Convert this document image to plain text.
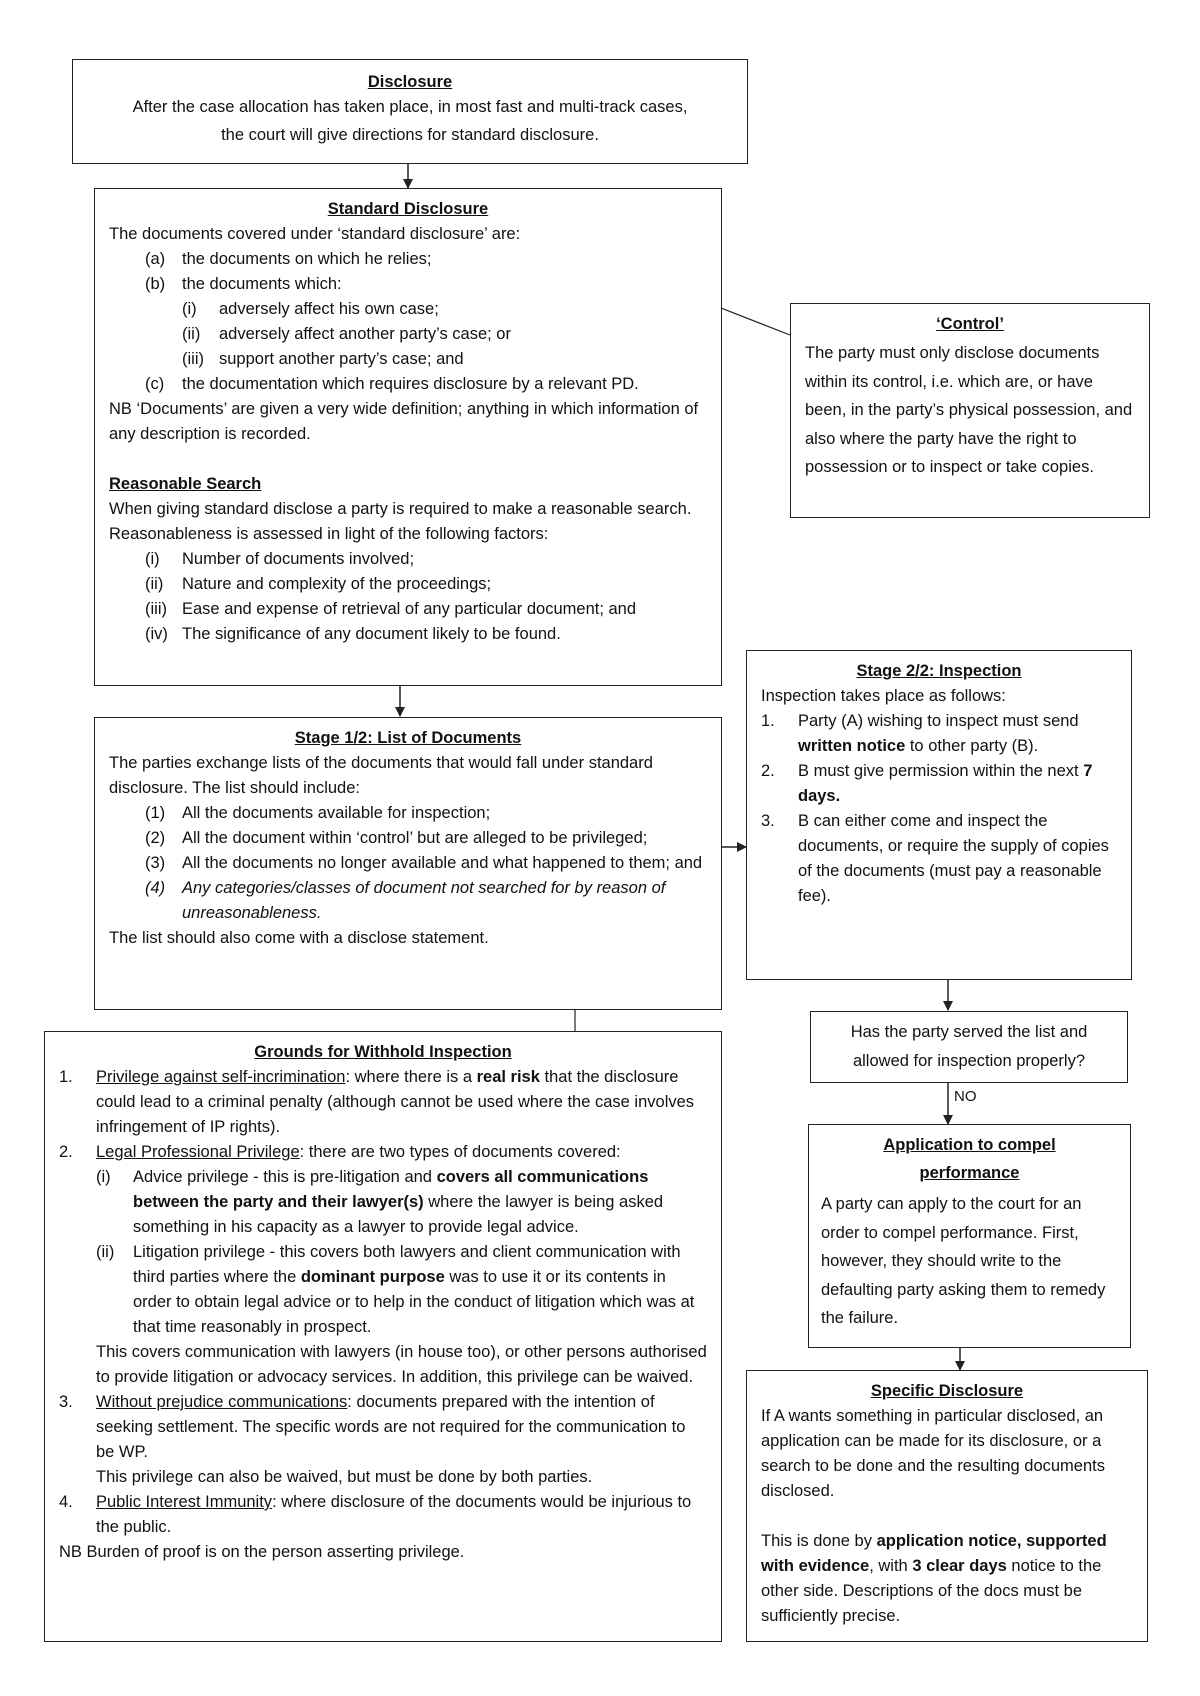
Disclosure

After the case allocation has taken place, in most fast and multi-track cases,

the court will give directions for standard disclosure.

Standard Disclosure

The documents covered under ‘standard disclosure’ are:

(a)	the documents on which he relies;
(b)	the documents which:
(i)	adversely affect his own case;
(ii)	adversely affect another party’s case; or
(iii) support another party’s case; and
(c)	the documentation which requires disclosure by a relevant PD.

NB ‘Documents’ are given a very wide definition; anything in which information of any description is recorded.

Reasonable Search

When giving standard disclose a party is required to make a reasonable search. Reasonableness is assessed in light of the following factors:

(i)	Number of documents involved;
(ii)	Nature and complexity of the proceedings;
(iii) Ease and expense of retrieval of any particular document; and
(iv) The significance of any document likely to be found.

‘Control’

The party must only disclose documents within its control, i.e. which are, or have been, in the party’s physical possession, and also where the party have the right to possession or to inspect or take copies.

Stage 1/2: List of Documents

The parties exchange lists of the documents that would fall under standard disclosure. The list should include:

(1)	All the documents available for inspection;
(2)	All the document within ‘control’ but are alleged to be privileged;
(3)	All the documents no longer available and what happened to them; and
(4)	Any categories/classes of document not searched for by reason of unreasonableness.

The list should also come with a disclose statement.

Stage 2/2: Inspection

Inspection takes place as follows:

1.	Party (A) wishing to inspect must send written notice to other party (B).
2.	B must give permission within the next 7 days.
3.	B can either come and inspect the documents, or require the supply of copies of the documents (must pay a reasonable fee).

Has the party served the list and

allowed for inspection properly?

NO

Application to compel

performance

A party can apply to the court for an order to compel performance. First, however, they should write to the defaulting party asking them to remedy the failure.

Specific Disclosure

If A wants something in particular disclosed, an application can be made for its disclosure, or a search to be done and the resulting documents disclosed.

This is done by application notice, supported with evidence, with 3 clear days notice to the other side. Descriptions of the docs must be sufficiently precise.

Grounds for Withhold Inspection

1.	Privilege against self-incrimination: where there is a real risk that the disclosure could lead to a criminal penalty (although cannot be used where the case involves infringement of IP rights).
2.	Legal Professional Privilege: there are two types of documents covered:
(i)	Advice privilege - this is pre-litigation and covers all communications between the party and their lawyer(s) where the lawyer is being asked something in his capacity as a lawyer to provide legal advice.
(ii)	Litigation privilege - this covers both lawyers and client communication with third parties where the dominant purpose was to use it or its contents in order to obtain legal advice or to help in the conduct of litigation which was at that time reasonably in prospect.

This covers communication with lawyers (in house too), or other persons authorised to provide litigation or advocacy services. In addition, this privilege can be waived.

3.	Without prejudice communications: documents prepared with the intention of seeking settlement. The specific words are not required for the communication to be WP.

This privilege can also be waived, but must be done by both parties.

4.	Public Interest Immunity: where disclosure of the documents would be injurious to the public.

NB Burden of proof is on the person asserting privilege.
